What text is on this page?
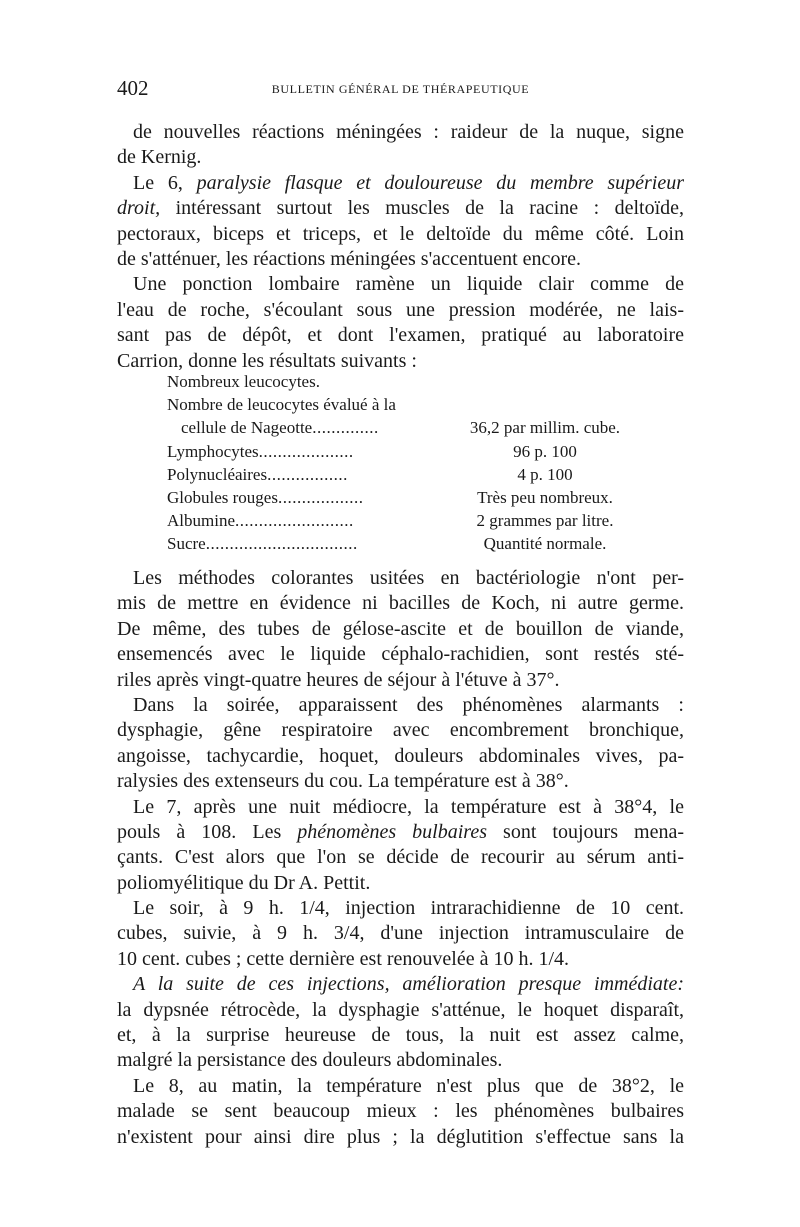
402	BULLETIN GÉNÉRAL DE THÉRAPEUTIQUE
de nouvelles réactions méningées : raideur de la nuque, signe
de Kernig.
Le 6, paralysie flasque et douloureuse du membre supérieur
droit, intéressant surtout les muscles de la racine : deltoïde,
pectoraux, biceps et triceps, et le deltoïde du même côté. Loin
de s'atténuer, les réactions méningées s'accentuent encore.
Une ponction lombaire ramène un liquide clair comme de
l'eau de roche, s'écoulant sous une pression modérée, ne lais-
sant pas de dépôt, et dont l'examen, pratiqué au laboratoire
Carrion, donne les résultats suivants :
Nombreux leucocytes.
Nombre de leucocytes évalué à la
cellule de Nageotte..............	36,2 par millim. cube.
Lymphocytes....................	96 p. 100
Polynucléaires.................	4 p. 100
Globules rouges..................	Très peu nombreux.
Albumine.........................	2 grammes par litre.
Sucre................................	Quantité normale.
Les méthodes colorantes usitées en bactériologie n'ont per-
mis de mettre en évidence ni bacilles de Koch, ni autre germe.
De même, des tubes de gélose-ascite et de bouillon de viande,
ensemencés avec le liquide céphalo-rachidien, sont restés sté-
riles après vingt-quatre heures de séjour à l'étuve à 37°.
Dans la soirée, apparaissent des phénomènes alarmants :
dysphagie, gêne respiratoire avec encombrement bronchique,
angoisse, tachycardie, hoquet, douleurs abdominales vives, pa-
ralysies des extenseurs du cou. La température est à 38°.
Le 7, après une nuit médiocre, la température est à 38°4, le
pouls à 108. Les phénomènes bulbaires sont toujours mena-
çants. C'est alors que l'on se décide de recourir au sérum anti-
poliomyélitique du Dr A. Pettit.
Le soir, à 9 h. 1/4, injection intrarachidienne de 10 cent.
cubes, suivie, à 9 h. 3/4, d'une injection intramusculaire de
10 cent. cubes ; cette dernière est renouvelée à 10 h. 1/4.
A la suite de ces injections, amélioration presque immédiate:
la dypsnée rétrocède, la dysphagie s'atténue, le hoquet disparaît,
et, à la surprise heureuse de tous, la nuit est assez calme,
malgré la persistance des douleurs abdominales.
Le 8, au matin, la température n'est plus que de 38°2, le
malade se sent beaucoup mieux : les phénomènes bulbaires
n'existent pour ainsi dire plus ; la déglutition s'effectue sans la
